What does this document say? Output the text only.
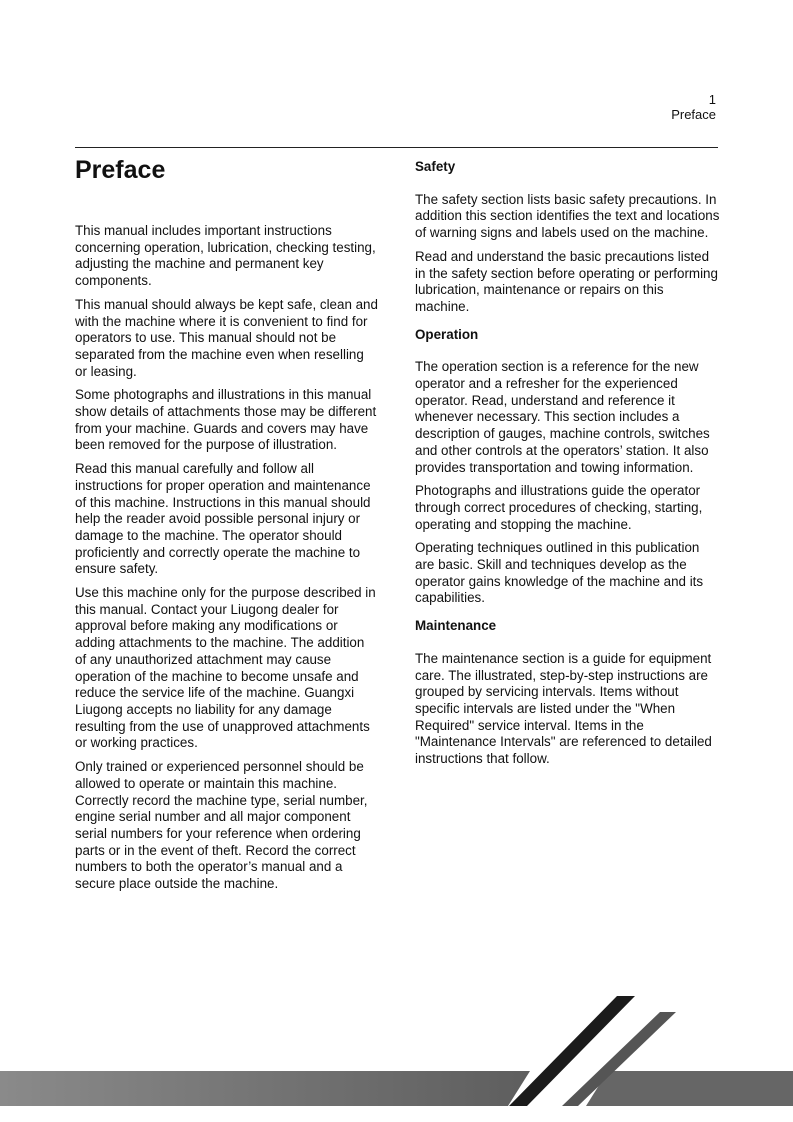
1
Preface
Preface

This manual includes important instructions concerning operation, lubrication, checking testing, adjusting the machine and permanent key components.

This manual should always be kept safe, clean and with the machine where it is convenient to find for operators to use. This manual should not be separated from the machine even when reselling or leasing.

Some photographs and illustrations in this manual show details of attachments those may be different from your machine. Guards and covers may have been removed for the purpose of illustration.

Read this manual carefully and follow all instructions for proper operation and maintenance of this machine. Instructions in this manual should help the reader avoid possible personal injury or damage to the machine. The operator should proficiently and correctly operate the machine to ensure safety.

Use this machine only for the purpose described in this manual. Contact your Liugong dealer for approval before making any modifications or adding attachments to the machine. The addition of any unauthorized attachment may cause operation of the machine to become unsafe and reduce the service life of the machine. Guangxi Liugong accepts no liability for any damage resulting from the use of unapproved attachments or working practices.

Only trained or experienced personnel should be allowed to operate or maintain this machine. Correctly record the machine type, serial number, engine serial number and all major component serial numbers for your reference when ordering parts or in the event of theft. Record the correct numbers to both the operator’s manual and a secure place outside the machine.

Safety

The safety section lists basic safety precautions. In addition this section identifies the text and locations of warning signs and labels used on the machine.

Read and understand the basic precautions listed in the safety section before operating or performing lubrication, maintenance or repairs on this machine.

Operation

The operation section is a reference for the new operator and a refresher for the experienced operator. Read, understand and reference it whenever necessary. This section includes a description of gauges, machine controls, switches and other controls at the operators’ station. It also provides transportation and towing information.

Photographs and illustrations guide the operator through correct procedures of checking, starting, operating and stopping the machine.

Operating techniques outlined in this publication are basic. Skill and techniques develop as the operator gains knowledge of the machine and its capabilities.

Maintenance

The maintenance section is a guide for equipment care. The illustrated, step-by-step instructions are grouped by servicing intervals. Items without specific intervals are listed under the "When Required" service interval. Items in the "Maintenance Intervals" are referenced to detailed instructions that follow.
